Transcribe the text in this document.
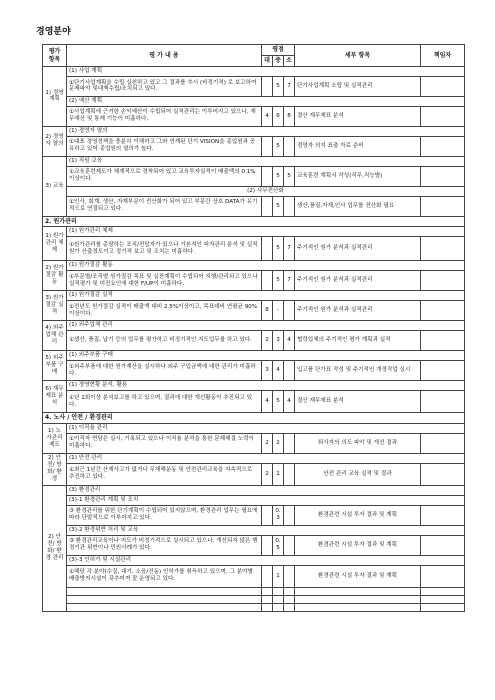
경영분야
평가 항목	평 가 내 용	평점			세부 항목	책임자
		대	중	소		
1) 경영 계획	(1) 사업 계획					
	①단기사업계획을 수립 실천하고 있고 그 결과를 추시 (비정기적) 로 보고하여 문제파악 및대책수립/조치되고 있다.		5	7	단기사업계획 소립 및 실적관리	
	(2) 예산 계획					
	①사업계획에 근거한 손익예산이 수립되어 실적관리는 이루어지고 있으나, 재무예산 및 통제 기능이 미흡하다.	4	6	8	결산 재무재표 분석	
2) 경영 자 열의	(1) 경영자 열의					
	①대표 경영정책을 충분히 이해하고 그와 연계된 단기 VISION을 종업원과 공유하고 있어 종업원의 열의가 높다.		5		경영자 의지 표출 자료 준비	
3) 교육	(1) 직원 교육					
	①교육훈련제도가 체계적으로 정착되어 있고 교육투자실적이 매출액의 0.1% 이상이다.		5	5	교육훈련 계획서 작성(직무,직능별)	
	(2) 사무전산화					
	①인사, 회계, 생산, 자재부문이 전산화가 되어 있고 부문간 상호 DATA가 유기적으로 연결되고 있다.		5		생산,품질,자재,인사 업무를 전산화 필요	
2. 원가관리						
1) 원가 관리 체제	(1) 원가관리 체제					
	①원가관리를 총괄하는 조직/전담자가 있으나 기본적인 피자관리 분석 및 실적원가 산출정도이고 정기적 보고 및 조치는 미흡하다.		5	7	주기적인 원가 분석과 실적관리	
2) 원가 절감 활동	(1) 원가절감 활동					
	①부문별/조직별 원가절감 목표 및 실천계획이 수립되어 지행/관리되고 있으나 실적평가 및 미진요인에 대한 F/UP이 미흡하다.		5	7	주기적인 원가 분석과 실적관리	
3) 원가 절감 실적	(1) 원가절감 실적					
	①전년도 원가절감 실적이 매출액 대비 2.5%이상이고, 목표대비 연평균 90% 이상이다.	8	-		주기적인 원가 분석과 실적관리	
4) 외주 업체 관리	(1) 외주업체 관리					
	①생산, 품질, 납기 등의 업무를 평가하고 비정기적인 지도업무를 하고 있다.	2	3	4	협력업체의 주기적인 평가 계획과 실적	
5) 외주 부품 구매	(1) 외주부품 구매					
	①외주부품에 대한 원가계산을 실시하나 외주 구입금액에 대한 관리가 미흡하다.	3	4		입고품 단가표 작성 및 주기적인 개정작업 실시	
6) 재무 제표 분석	(1) 경영현황 분석, 활용					
	①년 1회이상 분석보고를 하고 있으며, 결과에 대한 개선활동이 추진되고 있다.	4	5	4	결산 재무재표 분석	
4. 노사 / 안전 / 환경관리						
1) 노 사관리 제도	(1) 이직율 관리					
	①이직자 면담은 실시, 기록되고 있으나 이직율 분석을 통한 문제해결 노력이 미흡하다.	2	2		퇴사자의 의도 파악 및 개선 결과	
2) 안전/ 방화/ 환경	(1) 안전 관리					
	①최근 1년간 산재사고가 없거나 무재해운동 및 안전관리교육을 지속적으로 추진하고 있다.	2	1		안전 관리 교육 실적 및 결과	
2) 안전/ 방화/ 환경 관리	(3) 환경관리					
	(3)-1 환경관리 계획 및 조치					
	③ 환경관리를 위한 단기계획이 수립되어 있지않으며, 환경관리 업무는 필요에 따라 단발적으로 이루어지고 있다.		0.3		환경관련 시설 투자 결과 및 계획	
	(3)-2 환경위반 처리 및 교육					
	③ 환경관리교육이나 지도가 비정기적으로 실시되고 있으나, 개선되지 않은 행정기관 위반이나 민원사례가 있다.		0.5		환경관련 시설 투자 결과 및 계획	
	(3)-3 인허가 및 시설관리					
	①해당 각 분야(수질, 대기, 소음/진동) 인허가를 취득하고 있으며, 그 분야별 배출방지시설이 갖추어져 잘 운영되고 있다.		1		환경관련 시설 투자 결과 및 계획	
